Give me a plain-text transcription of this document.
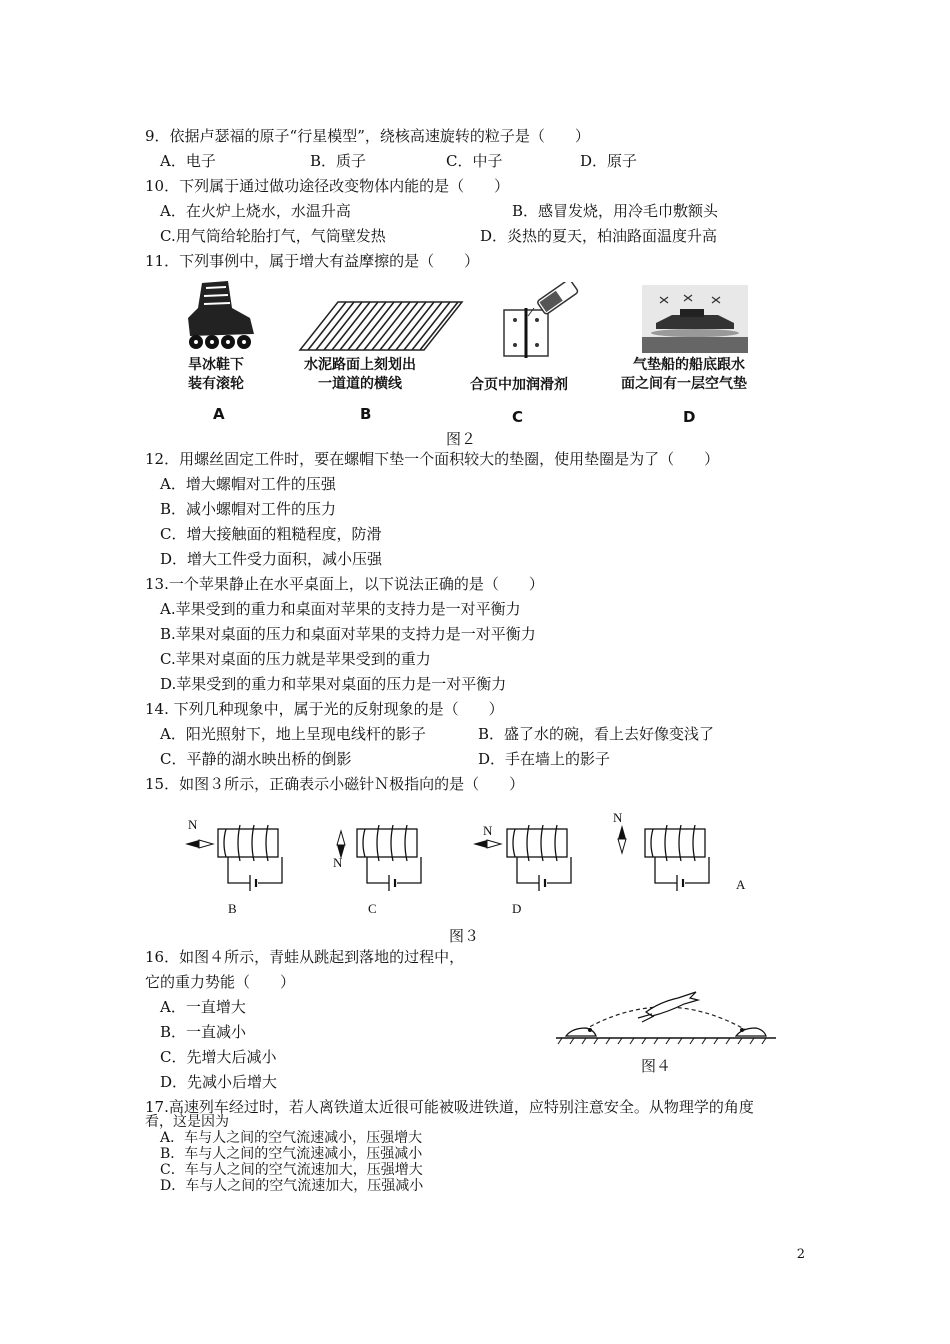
9．依据卢瑟福的原子“行星模型”，绕核高速旋转的粒子是（　　）
A．电子	B．质子	C．中子	D．原子
10．下列属于通过做功途径改变物体内能的是（　　）
A．在火炉上烧水，水温升高	B．感冒发烧，用冷毛巾敷额头
C.用气筒给轮胎打气，气筒壁发热	D．炎热的夏天，柏油路面温度升高
11．下列事例中，属于增大有益摩擦的是（　　）
旱冰鞋下
装有滚轮
A
水泥路面上刻划出
一道道的横线
B
合页中加润滑剂
C
气垫船的船底跟水
面之间有一层空气垫
D
图２
12．用螺丝固定工件时，要在螺帽下垫一个面积较大的垫圈，使用垫圈是为了（　　）
A．增大螺帽对工件的压强
B．减小螺帽对工件的压力
C．增大接触面的粗糙程度，防滑
D．增大工件受力面积，减小压强
13.一个苹果静止在水平桌面上，以下说法正确的是（　　）
A.苹果受到的重力和桌面对苹果的支持力是一对平衡力
B.苹果对桌面的压力和桌面对苹果的支持力是一对平衡力
C.苹果对桌面的压力就是苹果受到的重力
D.苹果受到的重力和苹果对桌面的压力是一对平衡力
14. 下列几种现象中，属于光的反射现象的是（　　）
A．阳光照射下，地上呈现电线杆的影子	B．盛了水的碗，看上去好像变浅了
C．平静的湖水映出桥的倒影	D．手在墙上的影子
15．如图３所示，正确表示小磁针Ｎ极指向的是（　　）
N
N
N
N
B	C	D
A
图３
16．如图４所示，青蛙从跳起到落地的过程中，
它的重力势能（　　）
A．一直增大
B．一直减小
C．先增大后减小
D．先减小后增大
图４
17.高速列车经过时，若人离铁道太近很可能被吸进铁道，应特别注意安全。从物理学的角度
看，这是因为
A．车与人之间的空气流速减小，压强增大
B．车与人之间的空气流速减小，压强减小
C．车与人之间的空气流速加大，压强增大
D．车与人之间的空气流速加大，压强减小
2
